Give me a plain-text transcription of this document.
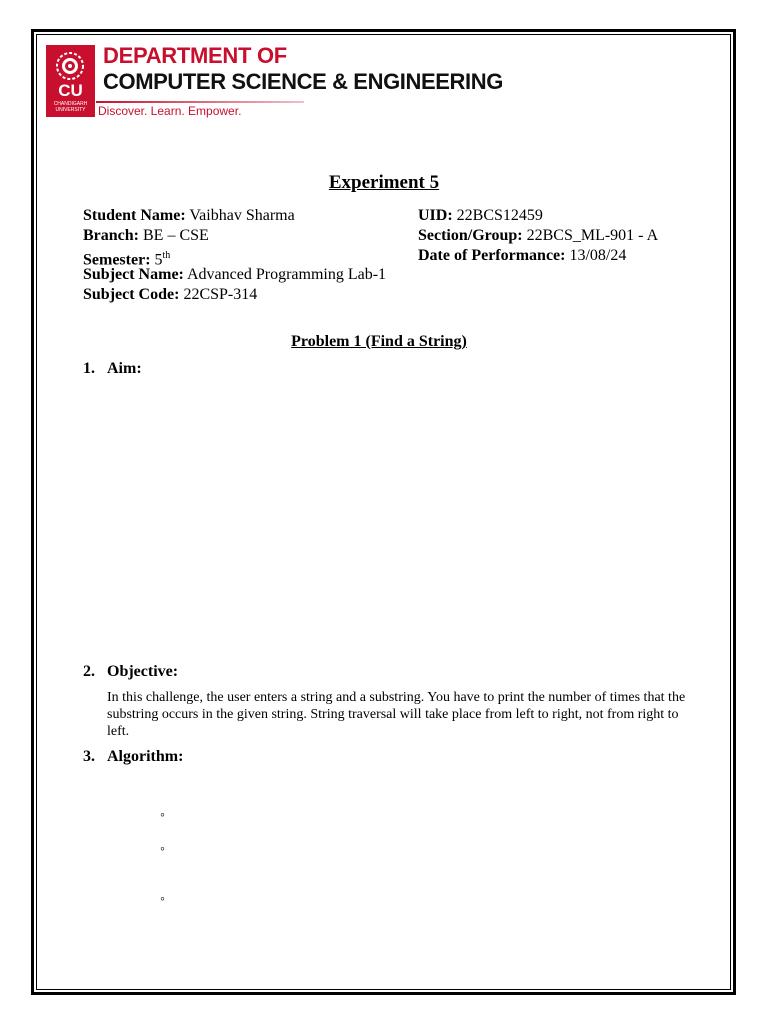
CU
CHANDIGARH UNIVERSITY
DEPARTMENT OF
COMPUTER SCIENCE & ENGINEERING
Discover. Learn. Empower.
Experiment 5
Student Name: Vaibhav Sharma	UID: 22BCS12459
Branch: BE – CSE	Section/Group: 22BCS_ML-901 - A
Semester: 5th	Date of Performance: 13/08/24
Subject Name: Advanced Programming Lab-1
Subject Code: 22CSP-314
Problem 1 (Find a String)
1. Aim:
2. Objective:
In this challenge, the user enters a string and a substring. You have to print the number of times that the substring occurs in the given string. String traversal will take place from left to right, not from right to left.
3. Algorithm:
◦
◦
◦
